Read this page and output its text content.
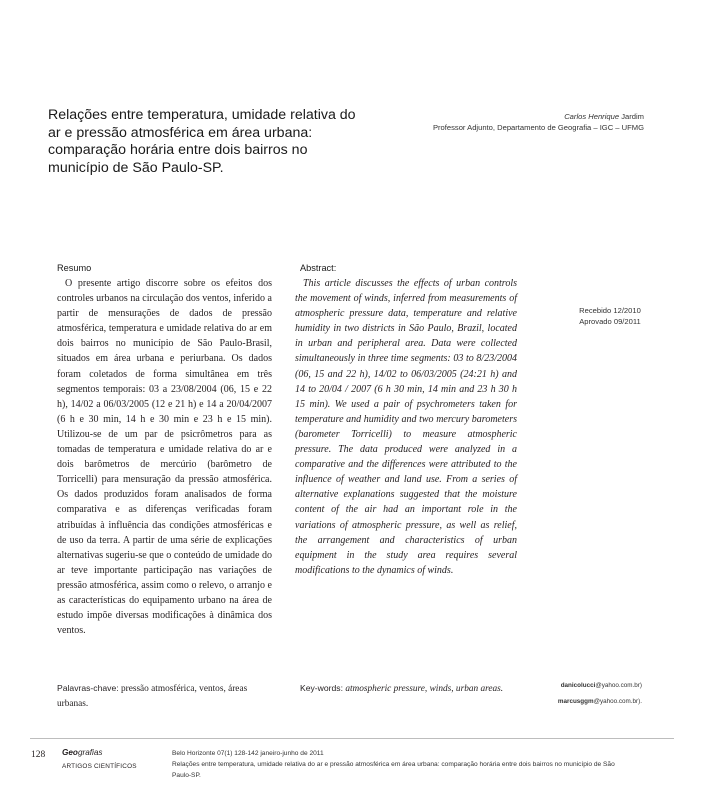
Relações entre temperatura, umidade relativa do ar e pressão atmosférica em área urbana: comparação horária entre dois bairros no município de São Paulo-SP.
Carlos Henrique Jardim
Professor Adjunto, Departamento de Geografia – IGC – UFMG
Recebido 12/2010
Aprovado 09/2011
Resumo
O presente artigo discorre sobre os efeitos dos controles urbanos na circulação dos ventos, inferido a partir de mensurações de dados de pressão atmosférica, temperatura e umidade relativa do ar em dois bairros no município de São Paulo-Brasil, situados em área urbana e periurbana. Os dados foram coletados de forma simultânea em três segmentos temporais: 03 a 23/08/2004 (06, 15 e 22 h), 14/02 a 06/03/2005 (12 e 21 h) e 14 a 20/04/2007 (6 h e 30 min, 14 h e 30 min e 23 h e 15 min). Utilizou-se de um par de psicrômetros para as tomadas de temperatura e umidade relativa do ar e dois barômetros de mercúrio (barômetro de Torricelli) para mensuração da pressão atmosférica. Os dados produzidos foram analisados de forma comparativa e as diferenças verificadas foram atribuídas à influência das condições atmosféricas e de uso da terra. A partir de uma série de explicações alternativas sugeriu-se que o conteúdo de umidade do ar teve importante participação nas variações de pressão atmosférica, assim como o relevo, o arranjo e as características do equipamento urbano na área de estudo impõe diversas modificações à dinâmica dos ventos.
Abstract:
This article discusses the effects of urban controls the movement of winds, inferred from measurements of atmospheric pressure data, temperature and relative humidity in two districts in São Paulo, Brazil, located in urban and peripheral area. Data were collected simultaneously in three time segments: 03 to 8/23/2004 (06, 15 and 22 h), 14/02 to 06/03/2005 (24:21 h) and 14 to 20/04 / 2007 (6 h 30 min, 14 min and 23 h 30 h 15 min). We used a pair of psychrometers taken for temperature and humidity and two mercury barometers (barometer Torricelli) to measure atmospheric pressure. The data produced were analyzed in a comparative and the differences were attributed to the influence of weather and land use. From a series of alternative explanations suggested that the moisture content of the air had an important role in the variations of atmospheric pressure, as well as relief, the arrangement and characteristics of urban equipment in the study area requires several modifications to the dynamics of winds.
Palavras-chave: pressão atmosférica, ventos, áreas urbanas.
Key-words: atmospheric pressure, winds, urban areas.	danicolucci@yahoo.com.br)
marcusggm@yahoo.com.br).
128 Geografias
ARTIGOS CIENTÍFICOS
Belo Horizonte 07(1) 128-142 janeiro-junho de 2011
Relações entre temperatura, umidade relativa do ar e pressão atmosférica em área urbana: comparação horária entre dois bairros no município de São Paulo-SP.
